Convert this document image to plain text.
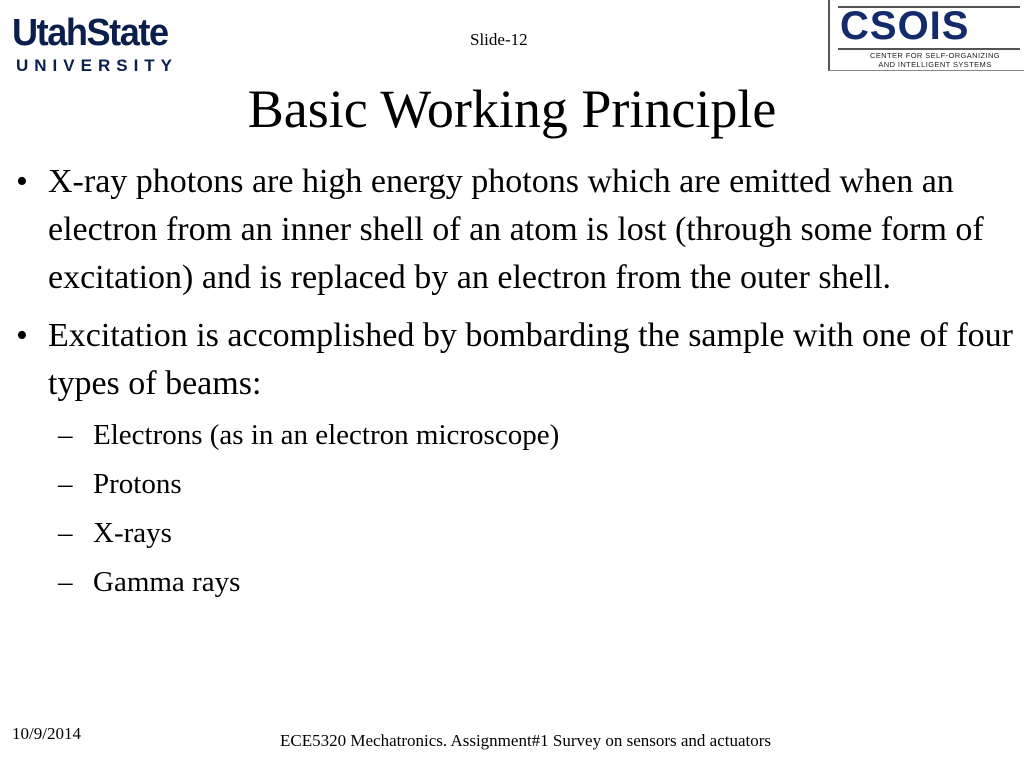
UtahState
UNIVERSITY
Slide-12	CSOIS
CENTER FOR SELF-ORGANIZING
AND INTELLIGENT SYSTEMS
Basic Working Principle
• X-ray photons are high energy photons which are emitted when an electron from an inner shell of an atom is lost (through some form of excitation) and is replaced by an electron from the outer shell.
• Excitation is accomplished by bombarding the sample with one of four types of beams:
– Electrons (as in an electron microscope)
– Protons
– X-rays
– Gamma rays
10/9/2014	ECE5320 Mechatronics. Assignment#1 Survey on sensors and actuators
